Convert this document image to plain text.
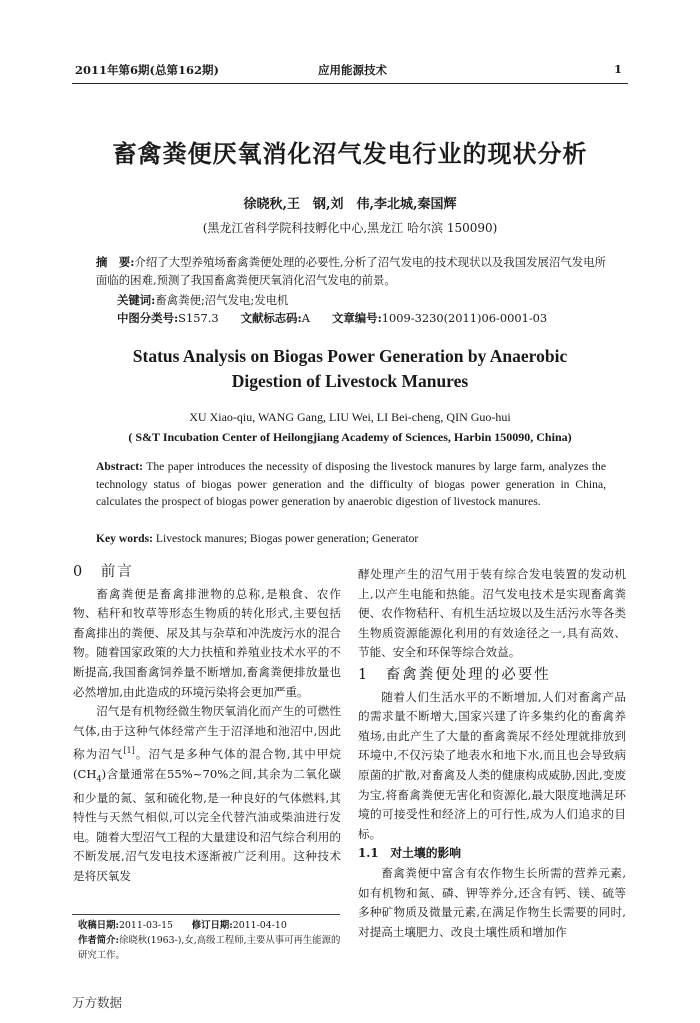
2011年第6期(总第162期)	应用能源技术	1
畜禽粪便厌氧消化沼气发电行业的现状分析
徐晓秋,王　钢,刘　伟,李北城,秦国辉
(黑龙江省科学院科技孵化中心,黑龙江 哈尔滨 150090)
摘　要:介绍了大型养殖场畜禽粪便处理的必要性,分析了沼气发电的技术现状以及我国发展沼气发电所面临的困难,预测了我国畜禽粪便厌氧消化沼气发电的前景。
关键词:畜禽粪便;沼气发电;发电机
中图分类号:S157.3 文献标志码:A 文章编号:1009-3230(2011)06-0001-03
Status Analysis on Biogas Power Generation by Anaerobic
Digestion of Livestock Manures
XU Xiao-qiu, WANG Gang, LIU Wei, LI Bei-cheng, QIN Guo-hui
( S&T Incubation Center of Heilongjiang Academy of Sciences, Harbin 150090, China)
Abstract: The paper introduces the necessity of disposing the livestock manures by large farm, analyzes the technology status of biogas power generation and the difficulty of biogas power generation in China, calculates the prospect of biogas power generation by anaerobic digestion of livestock manures.
Key words: Livestock manures; Biogas power generation; Generator
0　 前言

畜禽粪便是畜禽排泄物的总称,是粮食、农作物、秸秆和牧草等形态生物质的转化形式,主要包括畜禽排出的粪便、尿及其与杂草和冲洗废污水的混合物。随着国家政策的大力扶植和养殖业技术水平的不断提高,我国畜禽饲养量不断增加,畜禽粪便排放量也必然增加,由此造成的环境污染将会更加严重。

沼气是有机物经微生物厌氧消化而产生的可燃性气体,由于这种气体经常产生于沼泽地和池沼中,因此称为沼气[1]。沼气是多种气体的混合物,其中甲烷$(CH_4)$含量通常在55%~70%之间,其余为二氧化碳和少量的氮、氢和硫化物,是一种良好的气体燃料,其特性与天然气相似,可以完全代替汽油或柴油进行发电。随着大型沼气工程的大量建设和沼气综合利用的不断发展,沼气发电技术逐渐被广泛利用。这种技术是将厌氧发

收稿日期:2011-03-15　　 修订日期:2011-04-10
作者简介:徐晓秋(1963-),女,高级工程师,主要从事可再生能源的研究工作。

酵处理产生的沼气用于装有综合发电装置的发动机上,以产生电能和热能。沼气发电技术是实现畜禽粪便、农作物秸秆、有机生活垃圾以及生活污水等各类生物质资源能源化利用的有效途径之一,具有高效、节能、安全和环保等综合效益。

1　 畜禽粪便处理的必要性

随着人们生活水平的不断增加,人们对畜禽产品的需求量不断增大,国家兴建了许多集约化的畜禽养殖场,由此产生了大量的畜禽粪尿不经处理就排放到环境中,不仅污染了地表水和地下水,而且也会导致病原菌的扩散,对畜禽及人类的健康构成威胁,因此,变废为宝,将畜禽粪便无害化和资源化,最大限度地满足环境的可接受性和经济上的可行性,成为人们追求的目标。

1.1　对土壤的影响

畜禽粪便中富含有农作物生长所需的营养元素,如有机物和氮、磷、钾等养分,还含有钙、镁、硫等多种矿物质及微量元素,在满足作物生长需要的同时,对提高土壤肥力、改良土壤性质和增加作

万方数据
